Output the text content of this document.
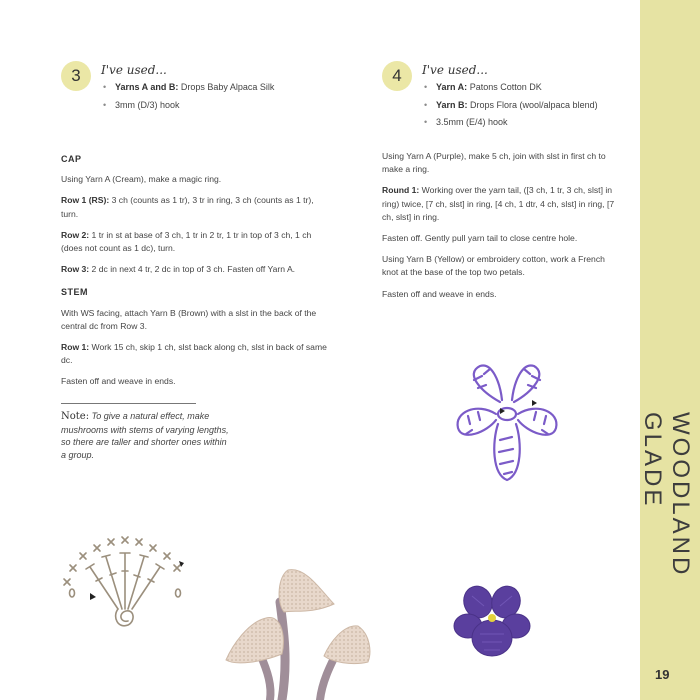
WOODLAND GLADE
19
3 I've used...
• Yarns A and B: Drops Baby Alpaca Silk
• 3mm (D/3) hook
CAP

Using Yarn A (Cream), make a magic ring.

Row 1 (RS): 3 ch (counts as 1 tr), 3 tr in ring, 3 ch (counts as 1 tr), turn.

Row 2: 1 tr in st at base of 3 ch, 1 tr in 2 tr, 1 tr in top of 3 ch, 1 ch (does not count as 1 dc), turn.

Row 3: 2 dc in next 4 tr, 2 dc in top of 3 ch. Fasten off Yarn A.

STEM

With WS facing, attach Yarn B (Brown) with a slst in the back of the central dc from Row 3.

Row 1: Work 15 ch, skip 1 ch, slst back along ch, slst in back of same dc.

Fasten off and weave in ends.

Note: To give a natural effect, make mushrooms with stems of varying lengths, so there are taller and shorter ones within a group.
4 I've used...
• Yarn A: Patons Cotton DK
• Yarn B: Drops Flora (wool/alpaca blend)
• 3.5mm (E/4) hook

Using Yarn A (Purple), make 5 ch, join with slst in first ch to make a ring.

Round 1: Working over the yarn tail, ([3 ch, 1 tr, 3 ch, slst] in ring) twice, [7 ch, slst] in ring, [4 ch, 1 dtr, 4 ch, slst] in ring, [7 ch, slst] in ring.

Fasten off. Gently pull yarn tail to close centre hole.

Using Yarn B (Yellow) or embroidery cotton, work a French knot at the base of the top two petals.

Fasten off and weave in ends.
